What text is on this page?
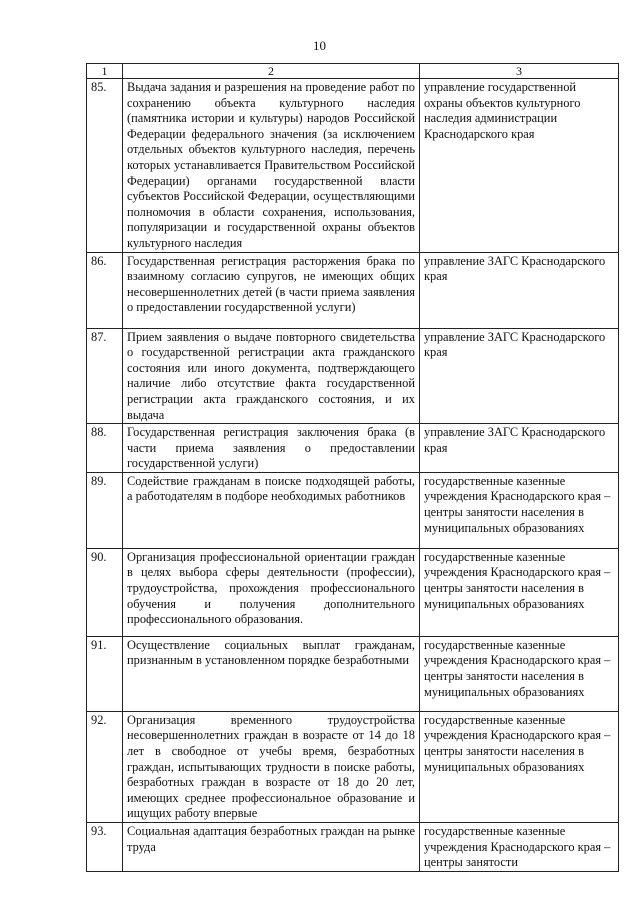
10
1	2	3
85.	Выдача задания и разрешения на проведение работ по сохранению объекта культурного наследия (памятника истории и культуры) народов Российской Федерации федерального значения (за исключением отдельных объектов культурного наследия, перечень которых устанавливается Правительством Российской Федерации) органами государственной власти субъектов Российской Федерации, осуществляющими полномочия в области сохранения, использования, популяризации и государственной охраны объектов культурного наследия	управление государственной охраны объектов культурного наследия администрации Краснодарского края
86.	Государственная регистрация расторжения брака по взаимному согласию супругов, не имеющих общих несовершеннолетних детей (в части приема заявления о предоставлении государственной услуги)	управление ЗАГС Краснодарского края
87.	Прием заявления о выдаче повторного свидетельства о государственной регистрации акта гражданского состояния или иного документа, подтверждающего наличие либо отсутствие факта государственной регистрации акта гражданского состояния, и их выдача	управление ЗАГС Краснодарского края
88.	Государственная регистрация заключения брака (в части приема заявления о предоставлении государственной услуги)	управление ЗАГС Краснодарского края
89.	Содействие гражданам в поиске подходящей работы, а работодателям в подборе необходимых работников	государственные казенные учреждения Краснодарского края – центры занятости населения в муниципальных образованиях
90.	Организация профессиональной ориентации граждан в целях выбора сферы деятельности (профессии), трудоустройства, прохождения профессионального обучения и получения дополнительного профессионального образования.	государственные казенные учреждения Краснодарского края – центры занятости населения в муниципальных образованиях
91.	Осуществление социальных выплат гражданам, признанным в установленном порядке безработными	государственные казенные учреждения Краснодарского края – центры занятости населения в муниципальных образованиях
92.	Организация временного трудоустройства несовершеннолетних граждан в возрасте от 14 до 18 лет в свободное от учебы время, безработных граждан, испытывающих трудности в поиске работы, безработных граждан в возрасте от 18 до 20 лет, имеющих среднее профессиональное образование и ищущих работу впервые	государственные казенные учреждения Краснодарского края – центры занятости населения в муниципальных образованиях
93.	Социальная адаптация безработных граждан на рынке труда	государственные казенные учреждения Краснодарского края – центры занятости
